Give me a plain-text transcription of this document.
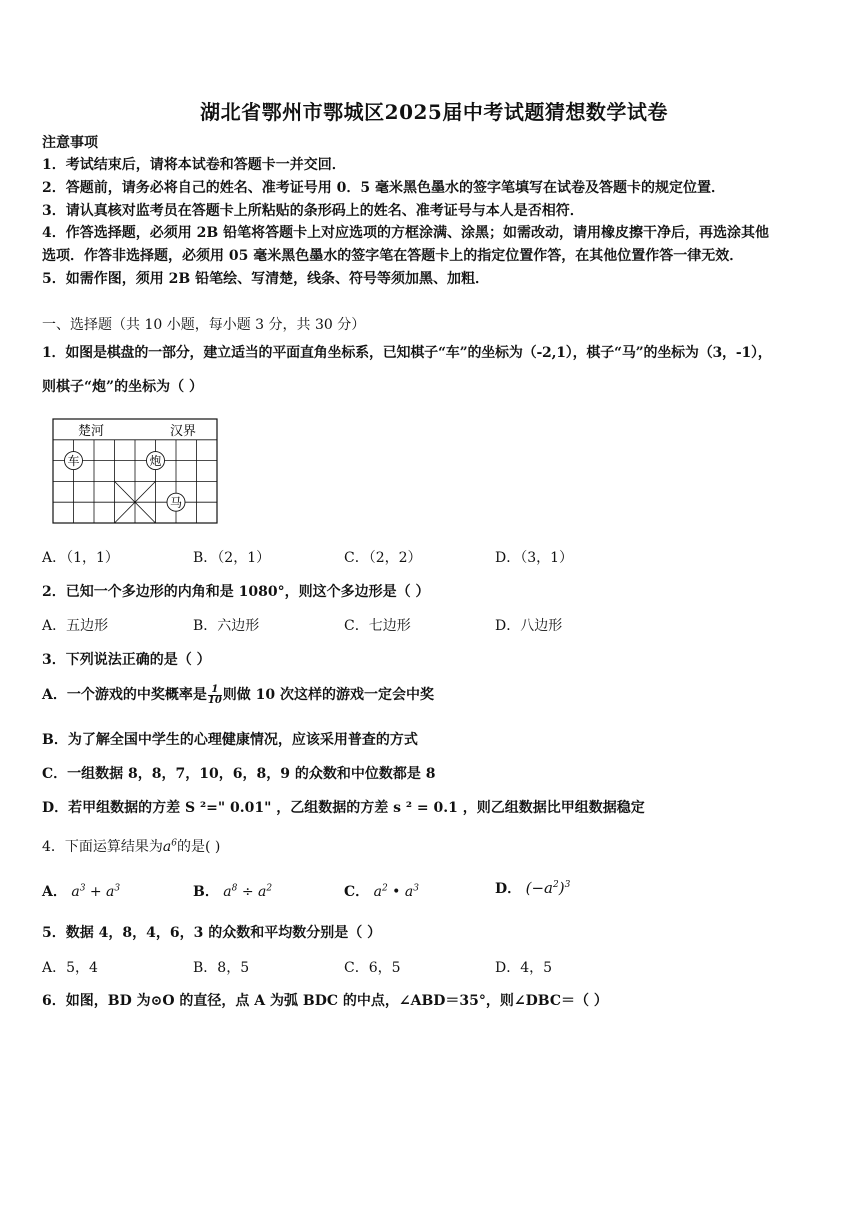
湖北省鄂州市鄂城区2025届中考试题猜想数学试卷
注意事项
1．考试结束后，请将本试卷和答题卡一并交回．
2．答题前，请务必将自己的姓名、准考证号用 0．5 毫米黑色墨水的签字笔填写在试卷及答题卡的规定位置．
3．请认真核对监考员在答题卡上所粘贴的条形码上的姓名、准考证号与本人是否相符．
4．作答选择题，必须用 2B 铅笔将答题卡上对应选项的方框涂满、涂黑；如需改动，请用橡皮擦干净后，再选涂其他
选项．作答非选择题，必须用 05 毫米黑色墨水的签字笔在答题卡上的指定位置作答，在其他位置作答一律无效．
5．如需作图，须用 2B 铅笔绘、写清楚，线条、符号等须加黑、加粗．
一、选择题（共 10 小题，每小题 3 分，共 30 分）
1．如图是棋盘的一部分，建立适当的平面直角坐标系，已知棋子“车”的坐标为（-2,1），棋子“马”的坐标为（3，-1），
则棋子“炮”的坐标为（ ）
楚河	汉界
车	炮
马
A．（1，1）	B．（2，1）	C．（2，2）	D．（3，1）
2．已知一个多边形的内角和是 1080°，则这个多边形是（ ）
A．五边形	B．六边形	C．七边形	D．八边形
3．下列说法正确的是（ ）
A．一个游戏的中奖概率是 $\frac{1}{10}$ 则做 10 次这样的游戏一定会中奖
B．为了解全国中学生的心理健康情况，应该采用普查的方式
C．一组数据 8，8，7，10，6，8，9 的众数和中位数都是 8
D．若甲组数据的方差 S ²=" 0.01" ，乙组数据的方差 s ² = 0.1 ，则乙组数据比甲组数据稳定
4．下面运算结果为$a^6$的是( )
A． $a^3 + a^3$	B． $a^8 \div a^2$	C． $a^2$ • $a^3$	D． $(-a^2)^3$
5．数据 4，8，4，6，3 的众数和平均数分别是（ ）
A．5，4	B．8，5	C．6，5	D．4，5
6．如图，BD 为⊙O 的直径，点 A 为弧 BDC 的中点，∠ABD＝35°，则∠DBC＝（ ）
